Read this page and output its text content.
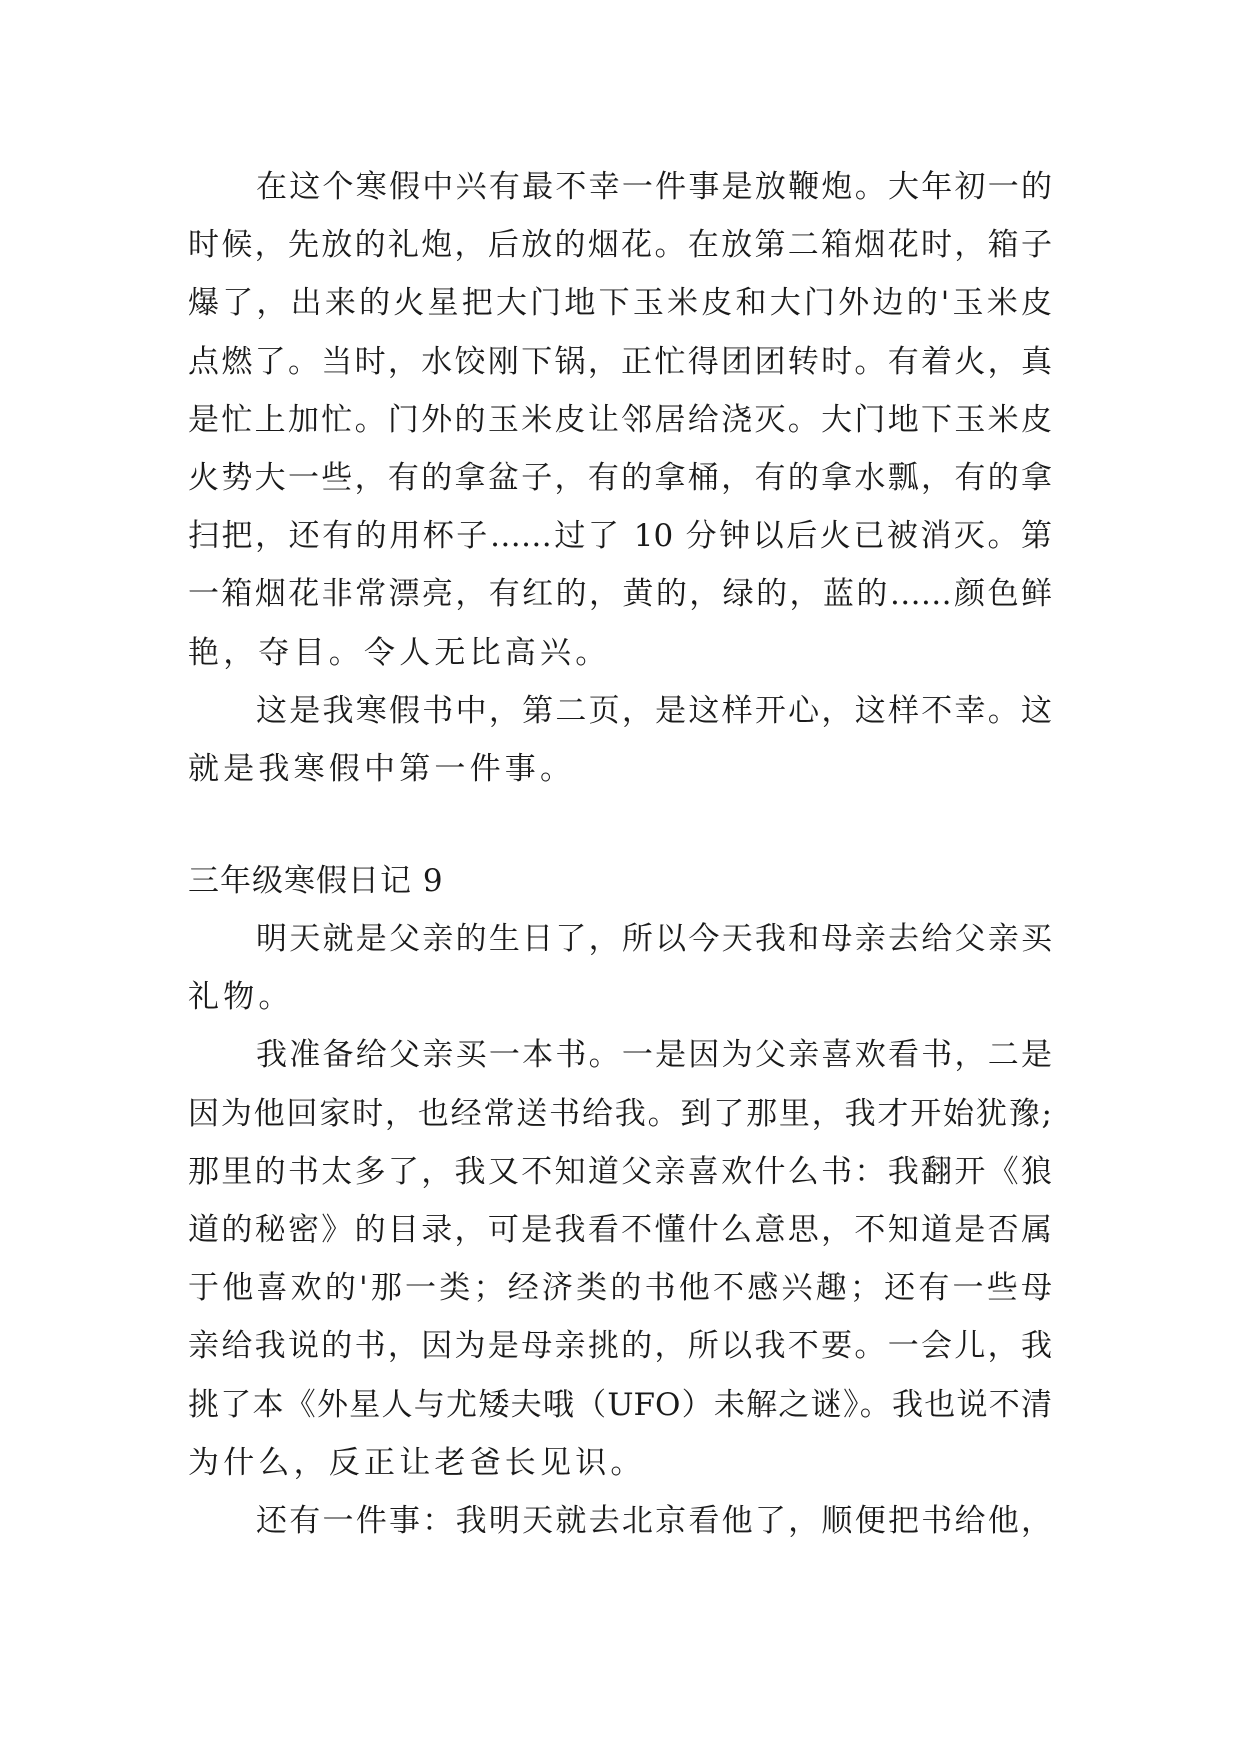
在这个寒假中兴有最不幸一件事是放鞭炮。大年初一的
时候，先放的礼炮，后放的烟花。在放第二箱烟花时，箱子
爆了，出来的火星把大门地下玉米皮和大门外边的'玉米皮
点燃了。当时，水饺刚下锅，正忙得团团转时。有着火，真
是忙上加忙。门外的玉米皮让邻居给浇灭。大门地下玉米皮
火势大一些，有的拿盆子，有的拿桶，有的拿水瓢，有的拿
扫把，还有的用杯子……过了 10 分钟以后火已被消灭。第
一箱烟花非常漂亮，有红的，黄的，绿的，蓝的……颜色鲜
艳，夺目。令人无比高兴。
这是我寒假书中，第二页，是这样开心，这样不幸。这
就是我寒假中第一件事。
三年级寒假日记 9
明天就是父亲的生日了，所以今天我和母亲去给父亲买
礼物。
我准备给父亲买一本书。一是因为父亲喜欢看书，二是
因为他回家时，也经常送书给我。到了那里，我才开始犹豫;
那里的书太多了，我又不知道父亲喜欢什么书：我翻开《狼
道的秘密》的目录，可是我看不懂什么意思，不知道是否属
于他喜欢的'那一类；经济类的书他不感兴趣；还有一些母
亲给我说的书，因为是母亲挑的，所以我不要。一会儿，我
挑了本《外星人与尤矮夫哦（UFO）未解之谜》。我也说不清
为什么，反正让老爸长见识。
还有一件事：我明天就去北京看他了，顺便把书给他，
